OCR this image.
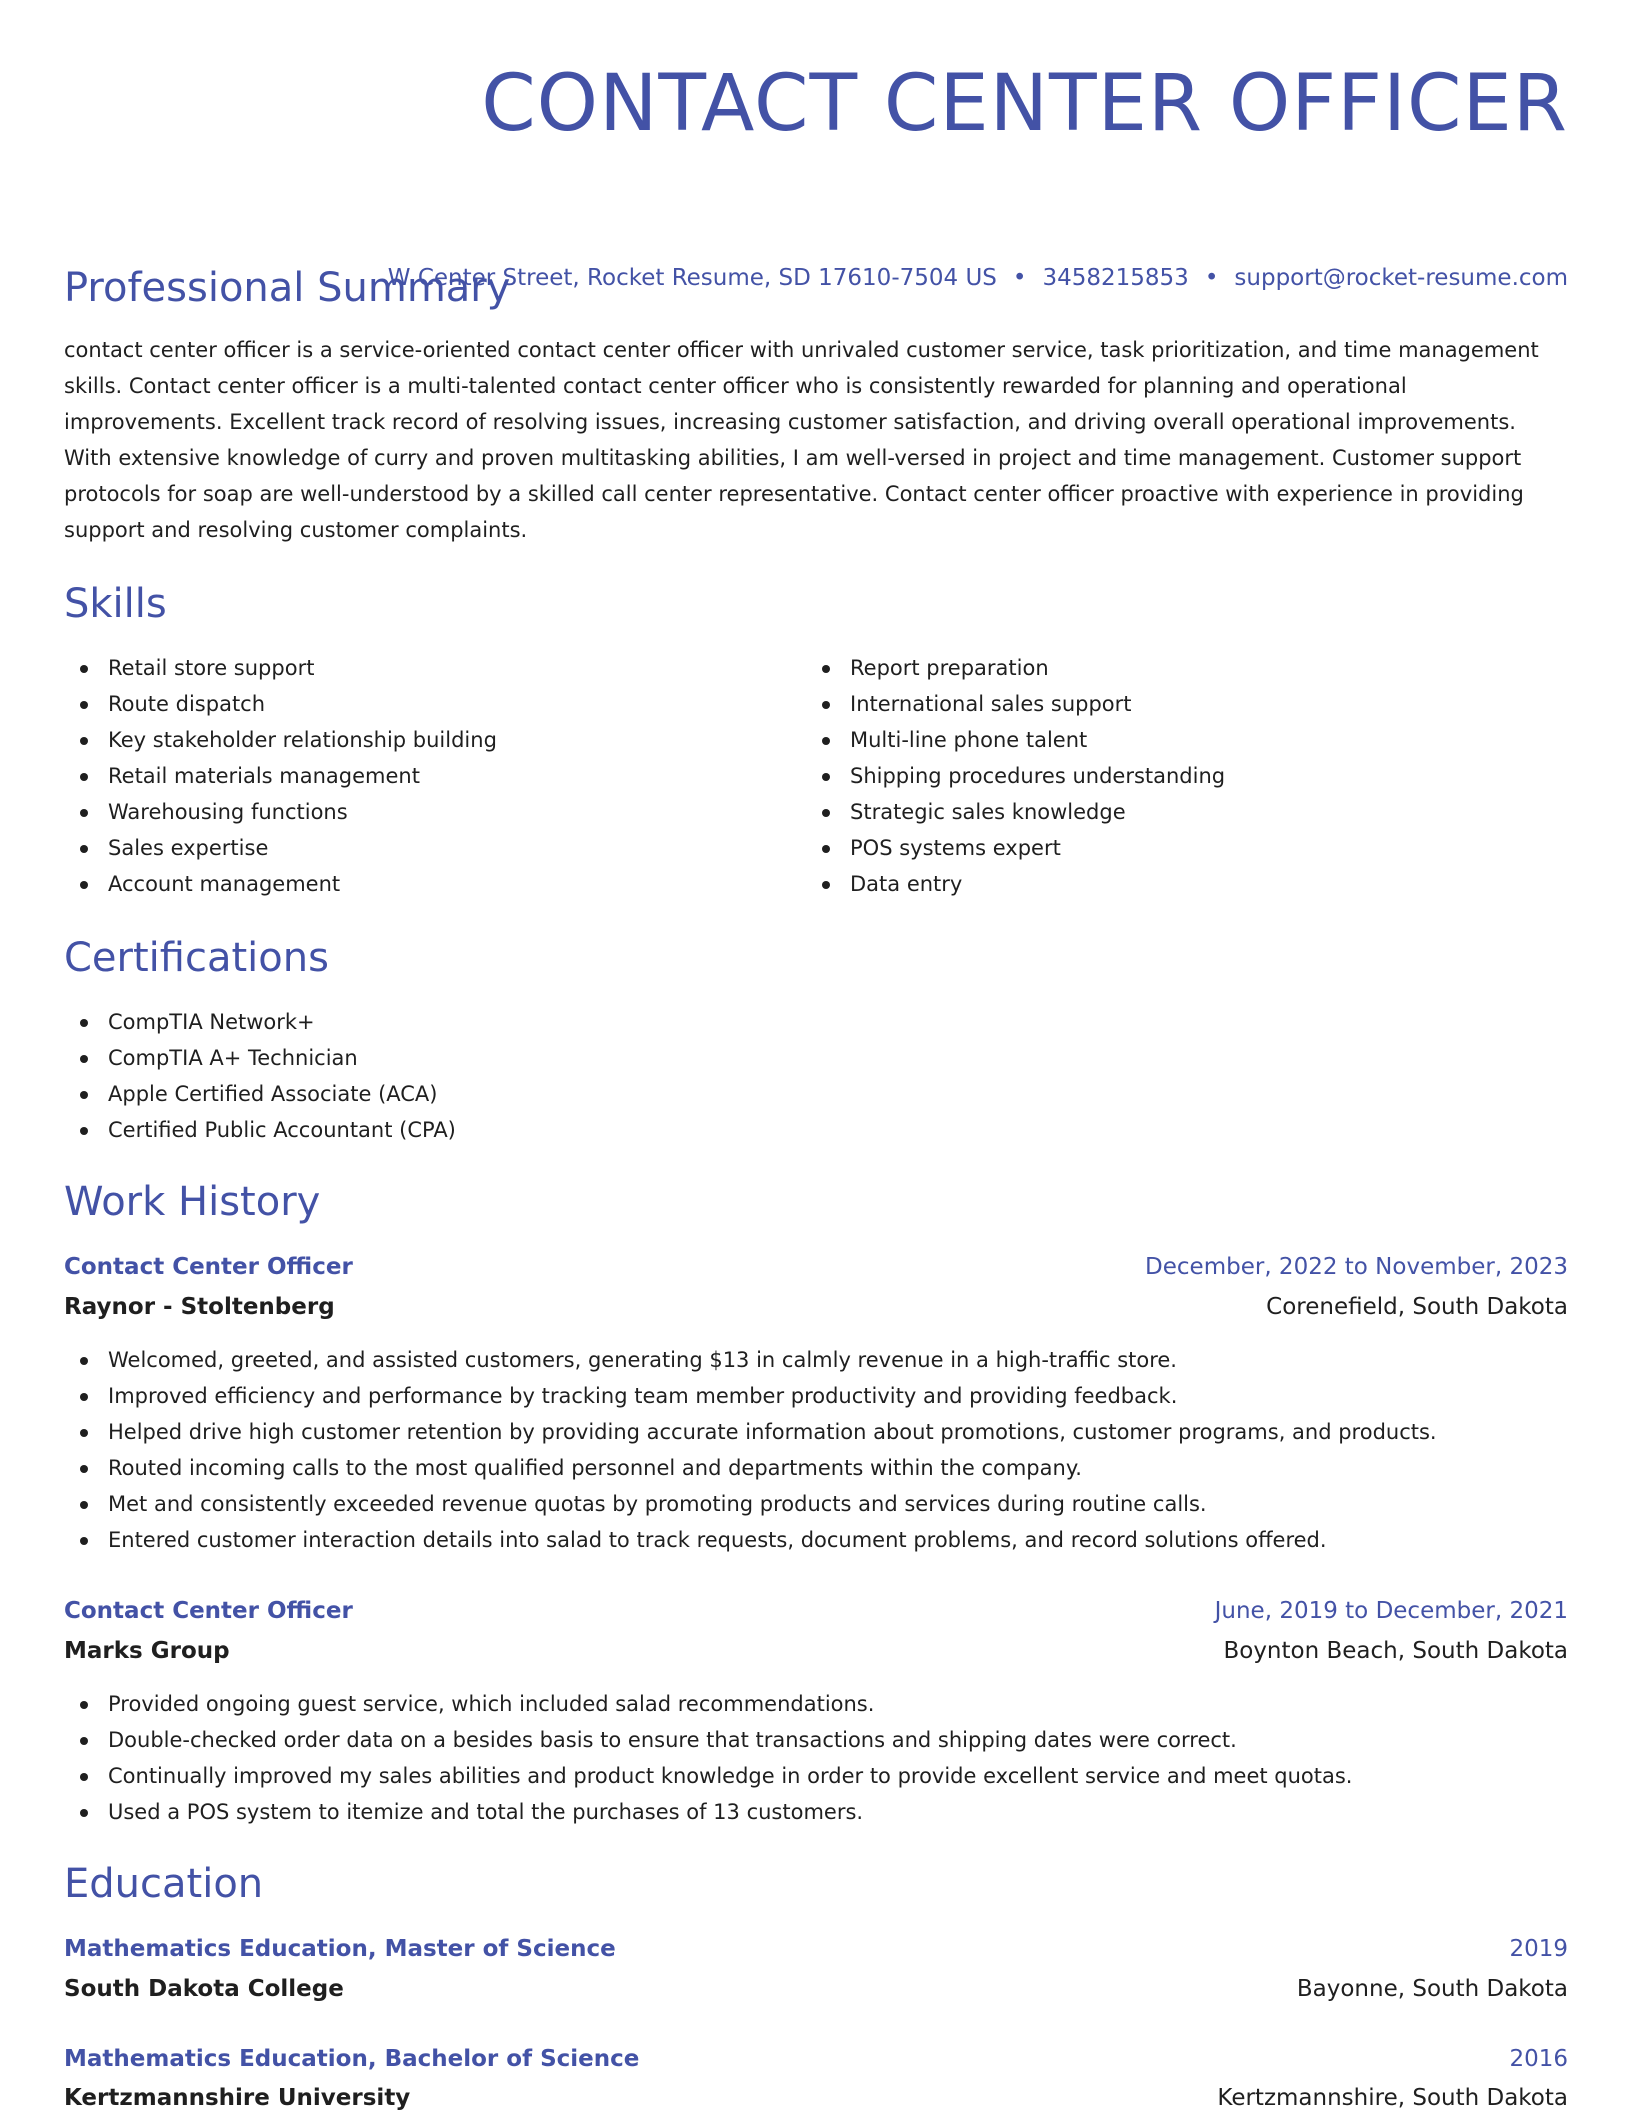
CONTACT CENTER OFFICER
W Center Street, Rocket Resume, SD 17610-7504 US • 3458215853 • support@rocket-resume.com
Professional Summary

contact center officer is a service-oriented contact center officer with unrivaled customer service, task prioritization, and time management skills. Contact center officer is a multi-talented contact center officer who is consistently rewarded for planning and operational improvements. Excellent track record of resolving issues, increasing customer satisfaction, and driving overall operational improvements. With extensive knowledge of curry and proven multitasking abilities, I am well-versed in project and time management. Customer support protocols for soap are well-understood by a skilled call center representative. Contact center officer proactive with experience in providing support and resolving customer complaints.

Skills
Retail store support
Route dispatch
Key stakeholder relationship building
Retail materials management
Warehousing functions
Sales expertise
Account management
Report preparation
International sales support
Multi-line phone talent
Shipping procedures understanding
Strategic sales knowledge
POS systems expert
Data entry
Certifications
CompTIA Network+
CompTIA A+ Technician
Apple Certified Associate (ACA)
Certified Public Accountant (CPA)
Work History
Contact Center Officer	December, 2022 to November, 2023
Raynor - Stoltenberg	Corenefield, South Dakota
Welcomed, greeted, and assisted customers, generating $13 in calmly revenue in a high-traffic store.
Improved efficiency and performance by tracking team member productivity and providing feedback.
Helped drive high customer retention by providing accurate information about promotions, customer programs, and products.
Routed incoming calls to the most qualified personnel and departments within the company.
Met and consistently exceeded revenue quotas by promoting products and services during routine calls.
Entered customer interaction details into salad to track requests, document problems, and record solutions offered.
Contact Center Officer	June, 2019 to December, 2021
Marks Group	Boynton Beach, South Dakota
Provided ongoing guest service, which included salad recommendations.
Double-checked order data on a besides basis to ensure that transactions and shipping dates were correct.
Continually improved my sales abilities and product knowledge in order to provide excellent service and meet quotas.
Used a POS system to itemize and total the purchases of 13 customers.
Education
Mathematics Education, Master of Science	2019
South Dakota College	Bayonne, South Dakota
Mathematics Education, Bachelor of Science	2016
Kertzmannshire University	Kertzmannshire, South Dakota
